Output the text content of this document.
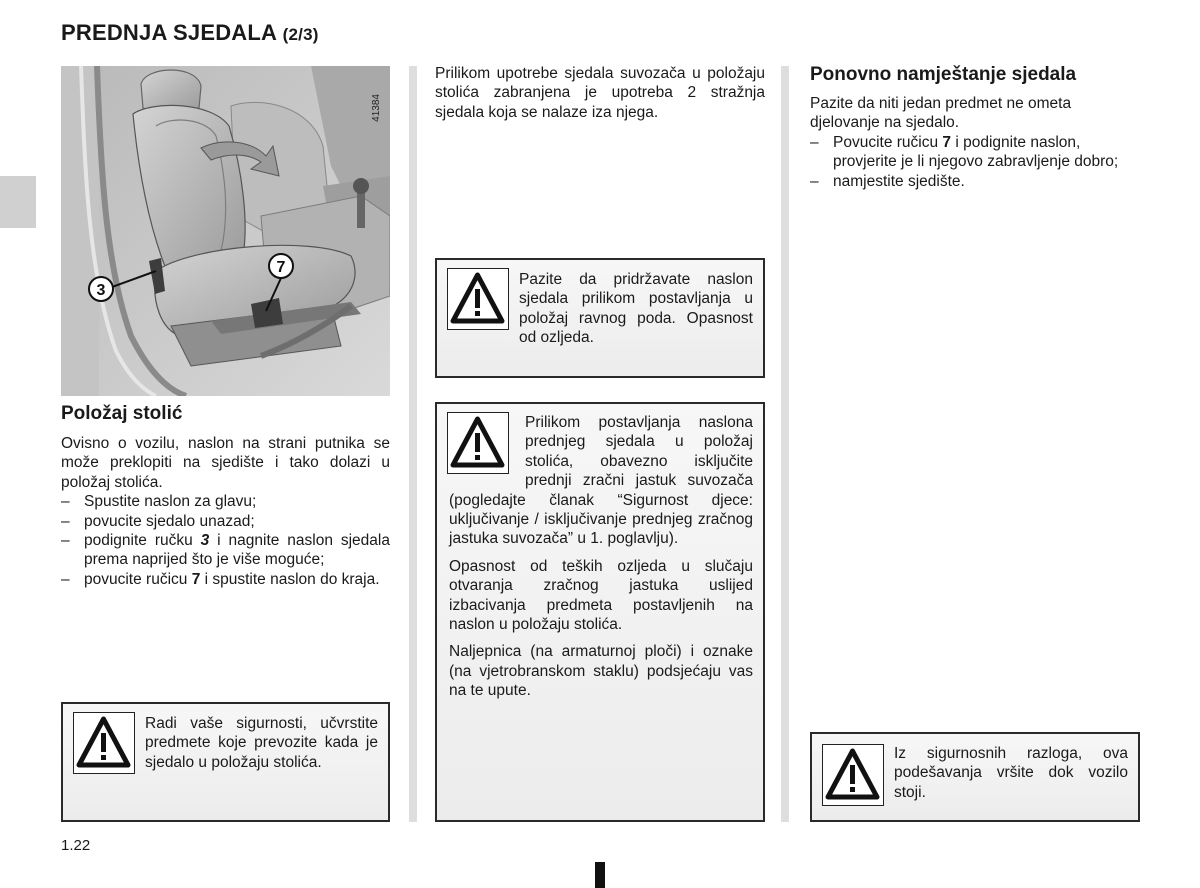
PREDNJA SJEDALA (2/3)
3
7
41384
Položaj stolić

Ovisno o vozilu, naslon na strani putnika se može preklopiti na sjedište i tako dolazi u položaj stolića.

– Spustite naslon za glavu;
– povucite sjedalo unazad;
– podignite ručku 3 i nagnite naslon sjedala prema naprijed što je više moguće;
– povucite ručicu 7 i spustite naslon do kraja.

Radi vaše sigurnosti, učvrstite predmete koje prevozite kada je sjedalo u položaju stolića.

Prilikom upotrebe sjedala suvozača u položaju stolića zabranjena je upotreba 2 stražnja sjedala koja se nalaze iza njega.

Pazite da pridržavate naslon sjedala prilikom postavljanja u položaj ravnog poda. Opasnost od ozljeda.

Prilikom postavljanja naslona prednjeg sjedala u položaj stolića, obavezno isključite prednji zračni jastuk suvozača (pogledajte članak “Sigurnost djece: uključivanje / isključivanje prednjeg zračnog jastuka suvozača” u 1. poglavlju).

Opasnost od teških ozljeda u slučaju otvaranja zračnog jastuka uslijed izbacivanja predmeta postavljenih na naslon u položaju stolića.

Naljepnica (na armaturnoj ploči) i oznake (na vjetrobranskom staklu) podsjećaju vas na te upute.

Ponovno namještanje sjedala

Pazite da niti jedan predmet ne ometa djelovanje na sjedalo.

– Povucite ručicu 7 i podignite naslon, provjerite je li njegovo zabravljenje dobro;
– namjestite sjedište.

Iz sigurnosnih razloga, ova podešavanja vršite dok vozilo stoji.

1.22
